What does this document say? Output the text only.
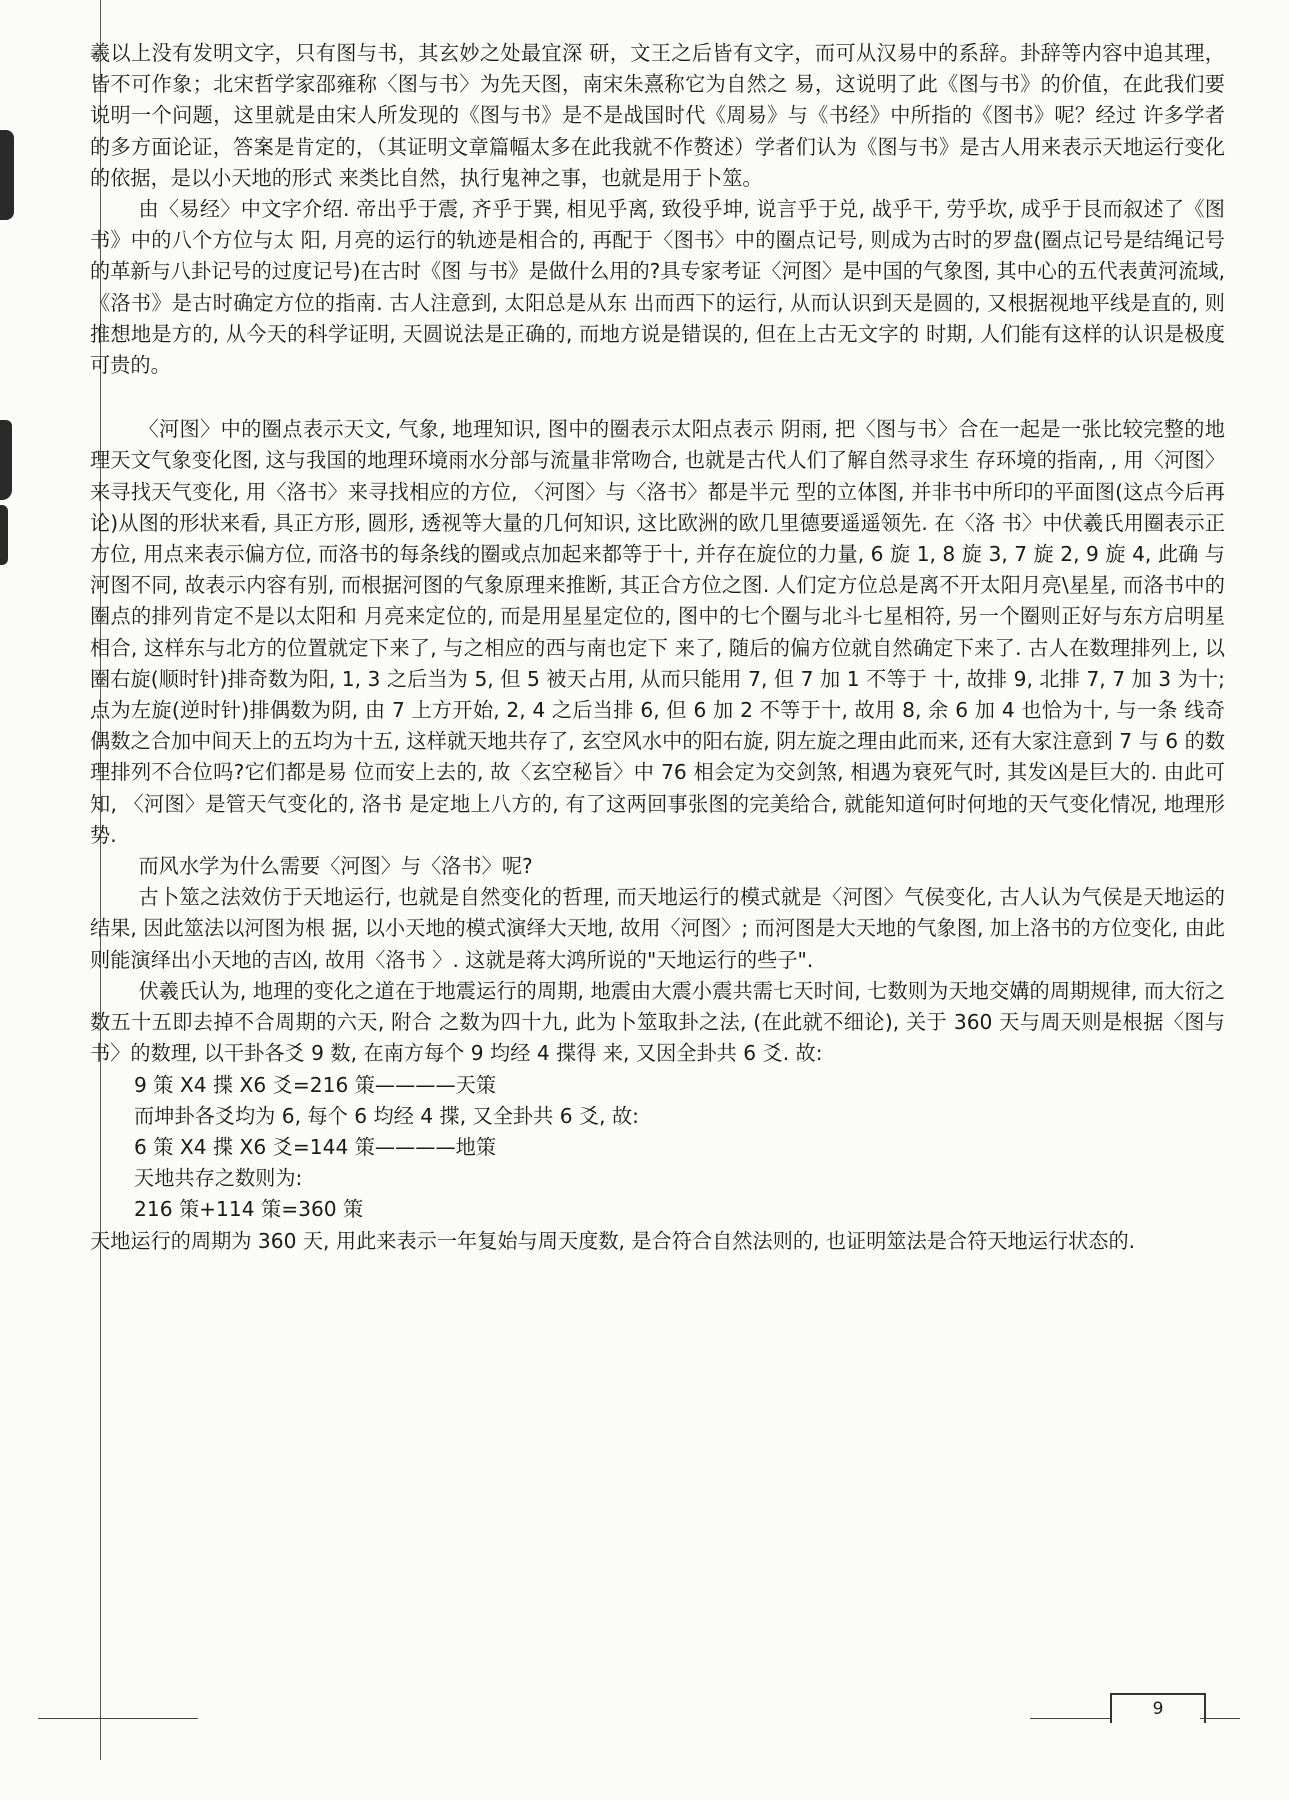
羲以上没有发明文字，只有图与书，其玄妙之处最宜深 研，文王之后皆有文字，而可从汉易中的系辞。卦辞等内容中追其理，皆不可作象；北宋哲学家邵雍称〈图与书〉为先天图，南宋朱熹称它为自然之 易，这说明了此《图与书》的价值，在此我们要说明一个问题，这里就是由宋人所发现的《图与书》是不是战国时代《周易》与《书经》中所指的《图书》呢？经过 许多学者的多方面论证，答案是肯定的，（其证明文章篇幅太多在此我就不作赘述）学者们认为《图与书》是古人用来表示天地运行变化的依据，是以小天地的形式 来类比自然，执行鬼神之事，也就是用于卜筮。

由〈易经〉中文字介绍. 帝出乎于震, 齐乎于巽, 相见乎离, 致役乎坤, 说言乎于兑, 战乎干, 劳乎坎, 成乎于艮而叙述了《图书》中的八个方位与太 阳, 月亮的运行的轨迹是相合的, 再配于〈图书〉中的圈点记号, 则成为古时的罗盘(圈点记号是结绳记号的革新与八卦记号的过度记号)在古时《图 与书》是做什么用的?具专家考证〈河图〉是中国的气象图, 其中心的五代表黄河流域, 《洛书》是古时确定方位的指南. 古人注意到, 太阳总是从东 出而西下的运行, 从而认识到天是圆的, 又根据视地平线是直的, 则推想地是方的, 从今天的科学证明, 天圆说法是正确的, 而地方说是错误的, 但在上古无文字的 时期, 人们能有这样的认识是极度可贵的。

〈河图〉中的圈点表示天文, 气象, 地理知识, 图中的圈表示太阳点表示 阴雨, 把〈图与书〉合在一起是一张比较完整的地理天文气象变化图, 这与我国的地理环境雨水分部与流量非常吻合, 也就是古代人们了解自然寻求生 存环境的指南, , 用〈河图〉来寻找天气变化, 用〈洛书〉来寻找相应的方位, 〈河图〉与〈洛书〉都是半元 型的立体图, 并非书中所印的平面图(这点今后再论)从图的形状来看, 具正方形, 圆形, 透视等大量的几何知识, 这比欧洲的欧几里德要遥遥领先. 在〈洛 书〉中伏羲氏用圈表示正方位, 用点来表示偏方位, 而洛书的每条线的圈或点加起来都等于十, 并存在旋位的力量, 6 旋 1, 8 旋 3, 7 旋 2, 9 旋 4, 此确 与河图不同, 故表示内容有别, 而根据河图的气象原理来推断, 其正合方位之图. 人们定方位总是离不开太阳月亮\星星, 而洛书中的圈点的排列肯定不是以太阳和 月亮来定位的, 而是用星星定位的, 图中的七个圈与北斗七星相符, 另一个圈则正好与东方启明星相合, 这样东与北方的位置就定下来了, 与之相应的西与南也定下 来了, 随后的偏方位就自然确定下来了. 古人在数理排列上, 以圈右旋(顺时针)排奇数为阳, 1, 3 之后当为 5, 但 5 被天占用, 从而只能用 7, 但 7 加 1 不等于 十, 故排 9, 北排 7, 7 加 3 为十; 点为左旋(逆时针)排偶数为阴, 由 7 上方开始, 2, 4 之后当排 6, 但 6 加 2 不等于十, 故用 8, 余 6 加 4 也恰为十, 与一条 线奇偶数之合加中间天上的五均为十五, 这样就天地共存了, 玄空风水中的阳右旋, 阴左旋之理由此而来, 还有大家注意到 7 与 6 的数理排列不合位吗?它们都是易 位而安上去的, 故〈玄空秘旨〉中 76 相会定为交剑煞, 相遇为衰死气时, 其发凶是巨大的. 由此可知, 〈河图〉是管天气变化的, 洛书 是定地上八方的, 有了这两回事张图的完美给合, 就能知道何时何地的天气变化情况, 地理形势.

而风水学为什么需要〈河图〉与〈洛书〉呢?

古卜筮之法效仿于天地运行, 也就是自然变化的哲理, 而天地运行的模式就是〈河图〉气侯变化, 古人认为气侯是天地运的结果, 因此筮法以河图为根 据, 以小天地的模式演绎大天地, 故用〈河图〉; 而河图是大天地的气象图, 加上洛书的方位变化, 由此则能演绎出小天地的吉凶, 故用〈洛书 〉. 这就是蒋大鸿所说的"天地运行的些子".

伏羲氏认为, 地理的变化之道在于地震运行的周期, 地震由大震小震共需七天时间, 七数则为天地交媾的周期规律, 而大衍之数五十五即去掉不合周期的六天, 附合 之数为四十九, 此为卜筮取卦之法, (在此就不细论), 关于 360 天与周天则是根据〈图与书〉的数理, 以干卦各爻 9 数, 在南方每个 9 均经 4 揲得 来, 又因全卦共 6 爻. 故:

9 策 X4 揲 X6 爻=216 策————天策

而坤卦各爻均为 6, 每个 6 均经 4 揲, 又全卦共 6 爻, 故:

6 策 X4 揲 X6 爻=144 策————地策

天地共存之数则为:

216 策+114 策=360 策

天地运行的周期为 360 天, 用此来表示一年复始与周天度数, 是合符合自然法则的, 也证明筮法是合符天地运行状态的.

9
